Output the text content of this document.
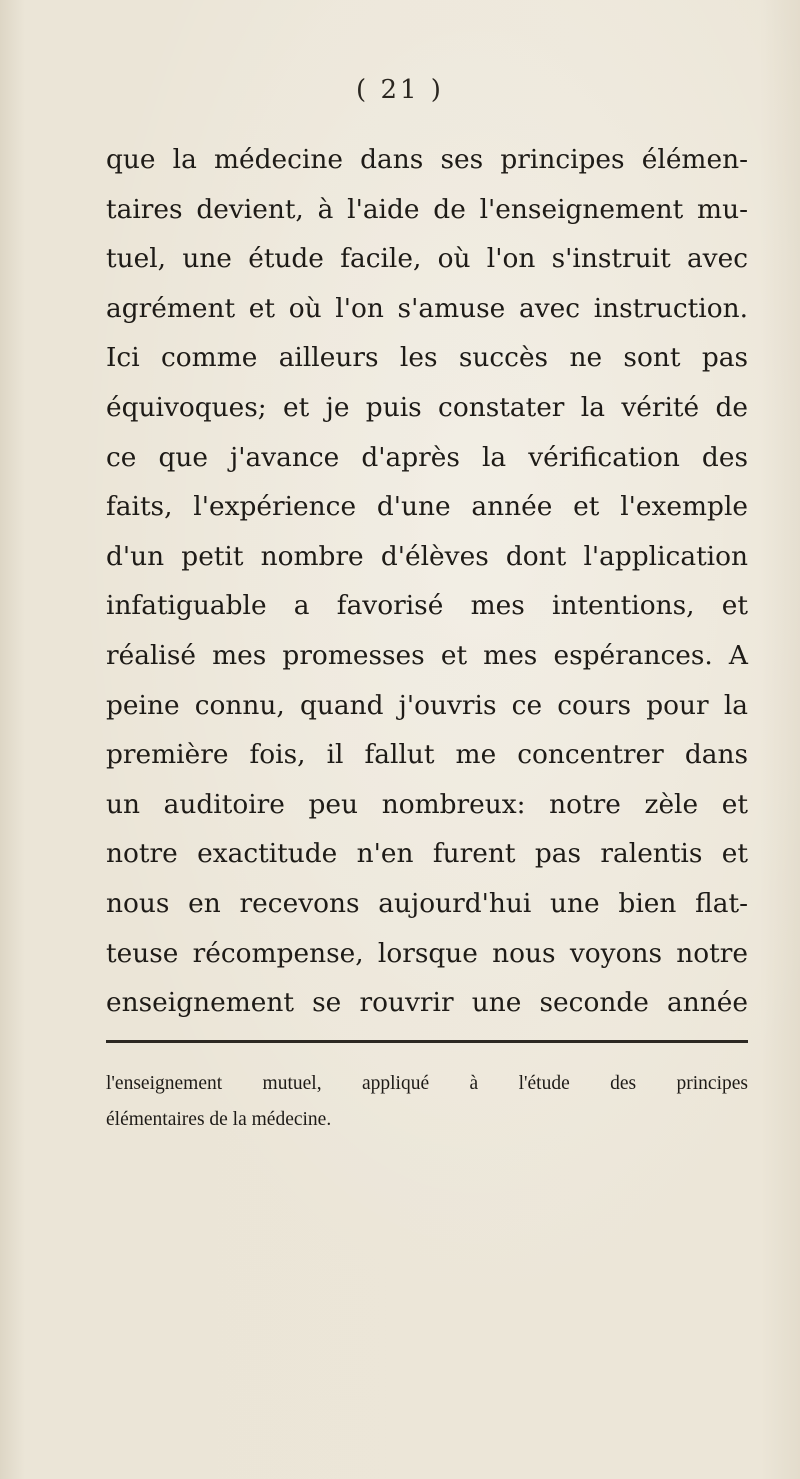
( 21 )
que la médecine dans ses principes élémen-
taires devient, à l'aide de l'enseignement mu-
tuel, une étude facile, où l'on s'instruit avec
agrément et où l'on s'amuse avec instruction.
Ici comme ailleurs les succès ne sont pas
équivoques; et je puis constater la vérité de
ce que j'avance d'après la vérification des
faits, l'expérience d'une année et l'exemple
d'un petit nombre d'élèves dont l'application
infatiguable a favorisé mes intentions, et
réalisé mes promesses et mes espérances. A
peine connu, quand j'ouvris ce cours pour la
première fois, il fallut me concentrer dans
un auditoire peu nombreux: notre zèle et
notre exactitude n'en furent pas ralentis et
nous en recevons aujourd'hui une bien flat-
teuse récompense, lorsque nous voyons notre
enseignement se rouvrir une seconde année
l'enseignement mutuel, appliqué à l'étude des principes
élémentaires de la médecine.
